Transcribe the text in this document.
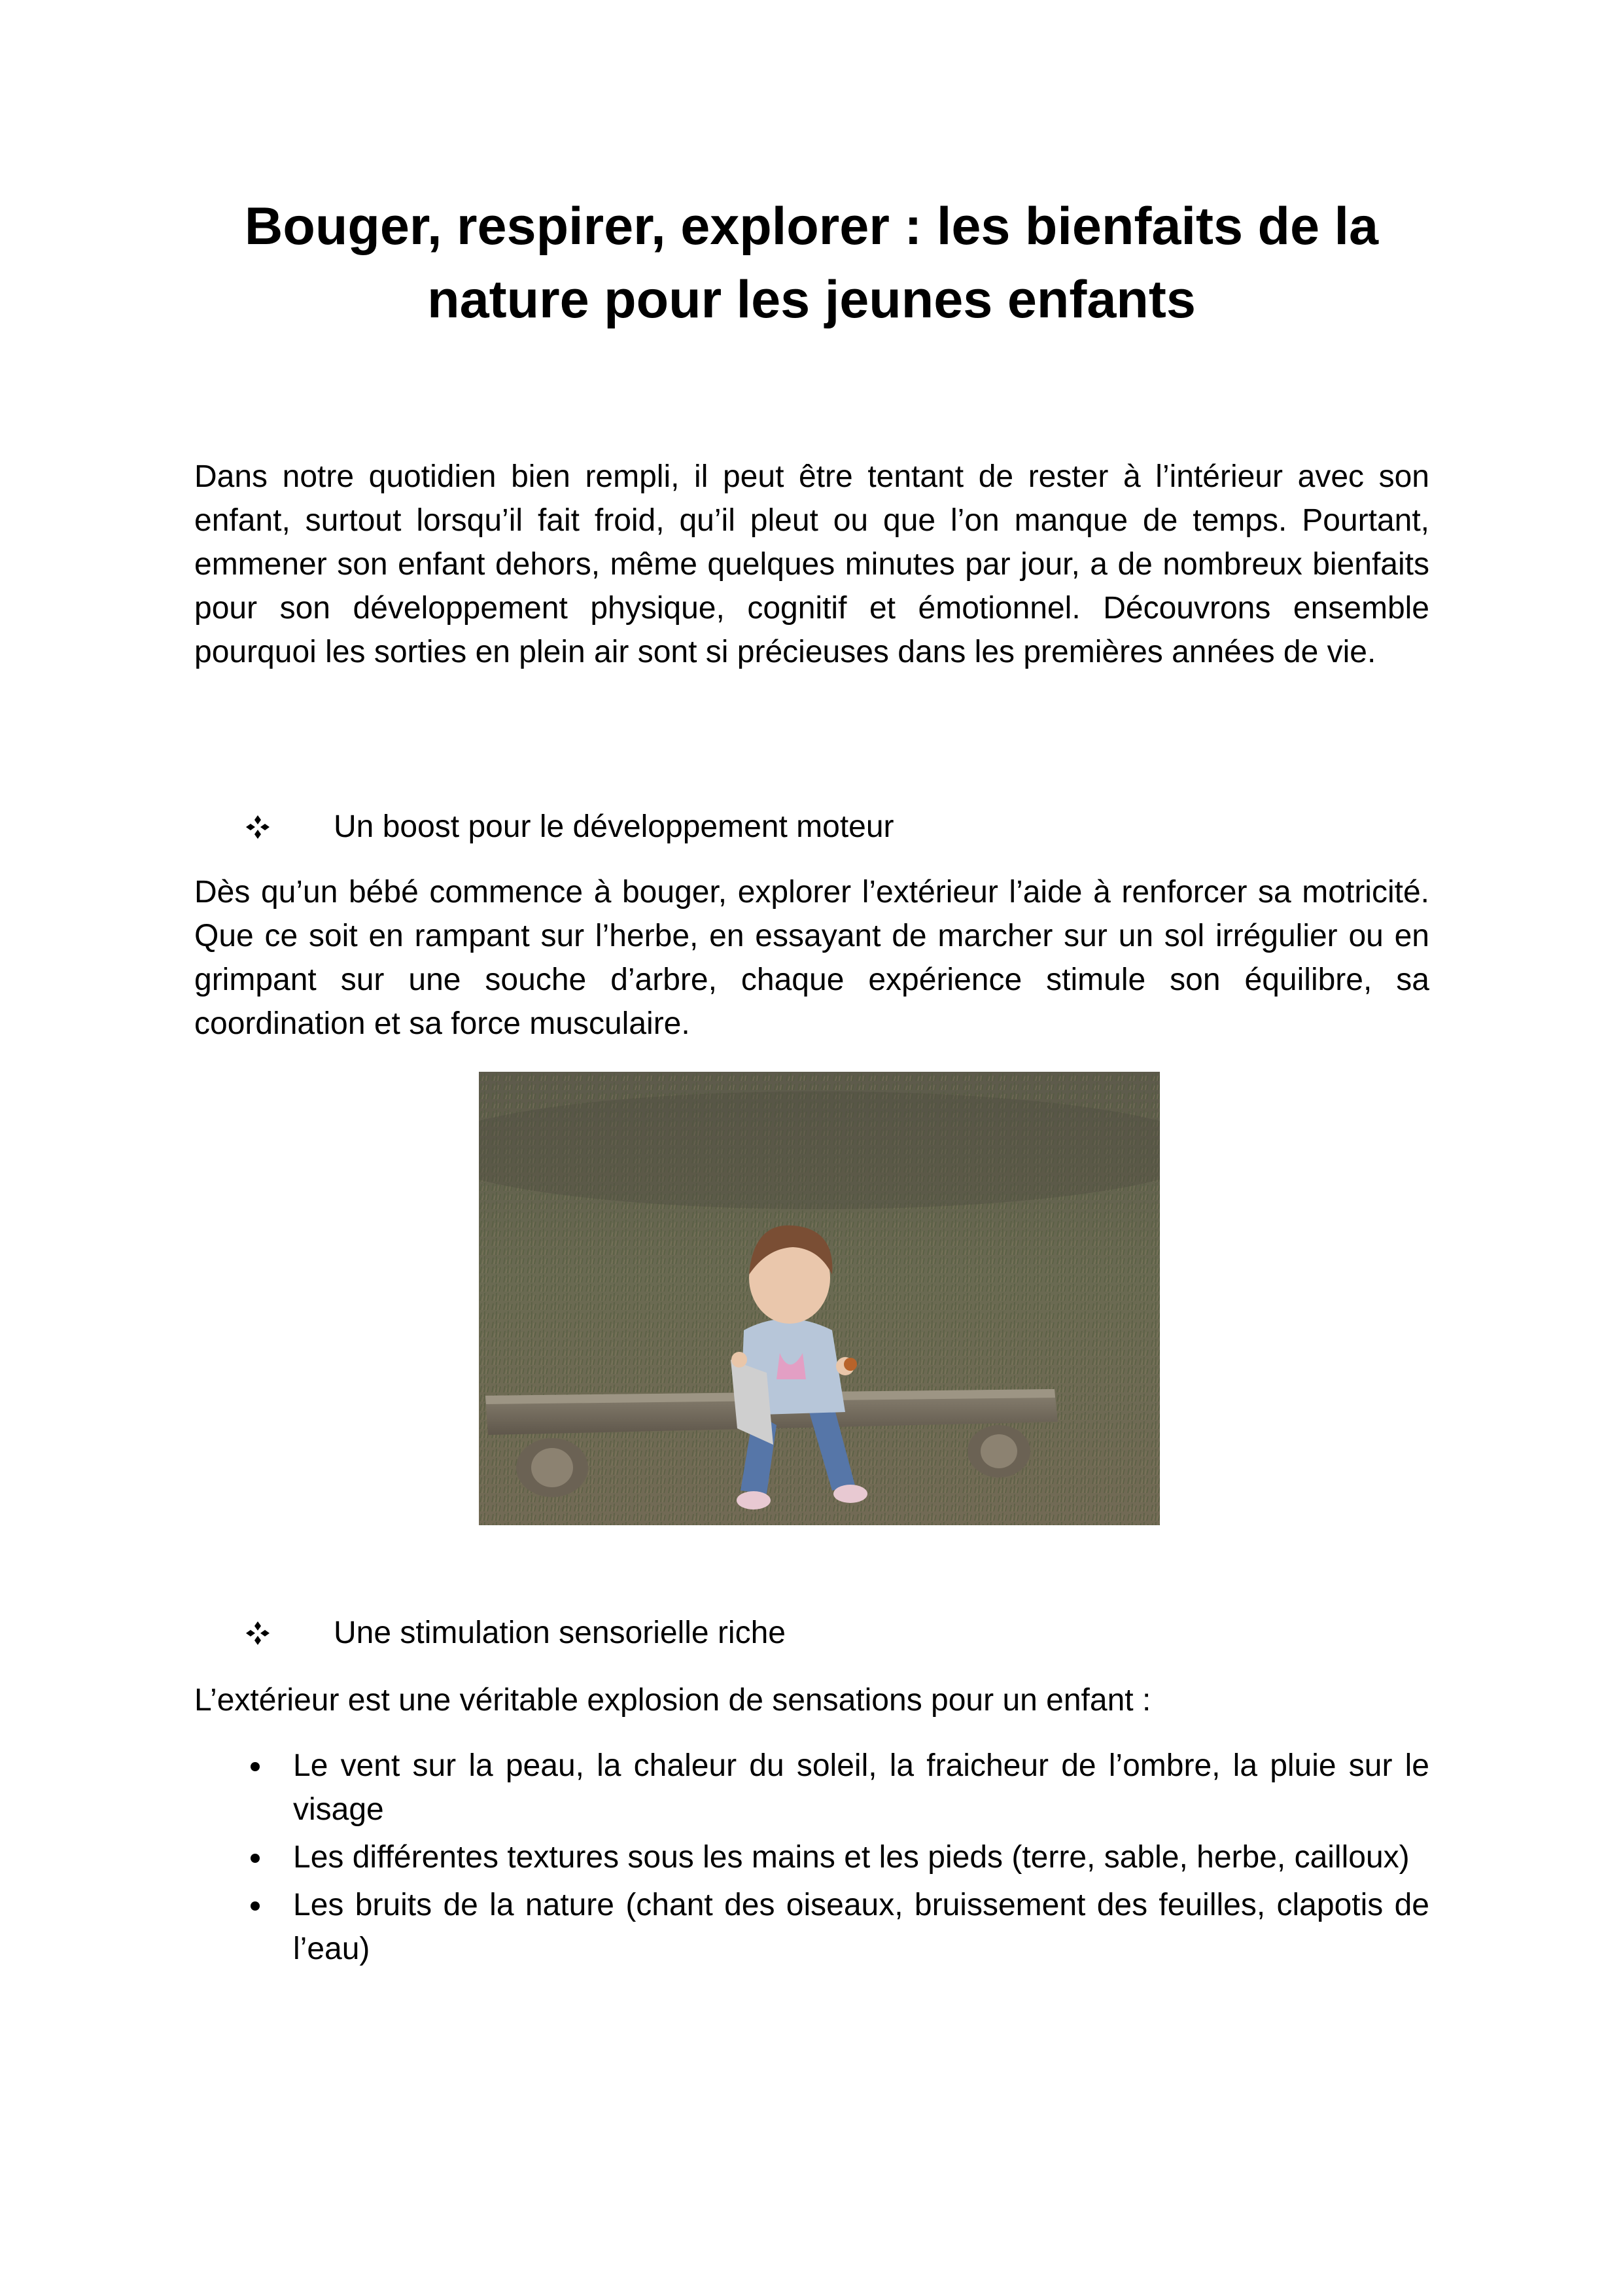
Bouger, respirer, explorer : les bienfaits de la nature pour les jeunes enfants

Dans notre quotidien bien rempli, il peut être tentant de rester à l’intérieur avec son enfant, surtout lorsqu’il fait froid, qu’il pleut ou que l’on manque de temps. Pourtant, emmener son enfant dehors, même quelques minutes par jour, a de nombreux bienfaits pour son développement physique, cognitif et émotionnel. Découvrons ensemble pourquoi les sorties en plein air sont si précieuses dans les premières années de vie.

Un boost pour le développement moteur

Dès qu’un bébé commence à bouger, explorer l’extérieur l’aide à renforcer sa motricité. Que ce soit en rampant sur l’herbe, en essayant de marcher sur un sol irrégulier ou en grimpant sur une souche d’arbre, chaque expérience stimule son équilibre, sa coordination et sa force musculaire.

Une stimulation sensorielle riche

L’extérieur est une véritable explosion de sensations pour un enfant :

Le vent sur la peau, la chaleur du soleil, la fraicheur de l’ombre, la pluie sur le visage
Les différentes textures sous les mains et les pieds (terre, sable, herbe, cailloux)
Les bruits de la nature (chant des oiseaux, bruissement des feuilles, clapotis de l’eau)
